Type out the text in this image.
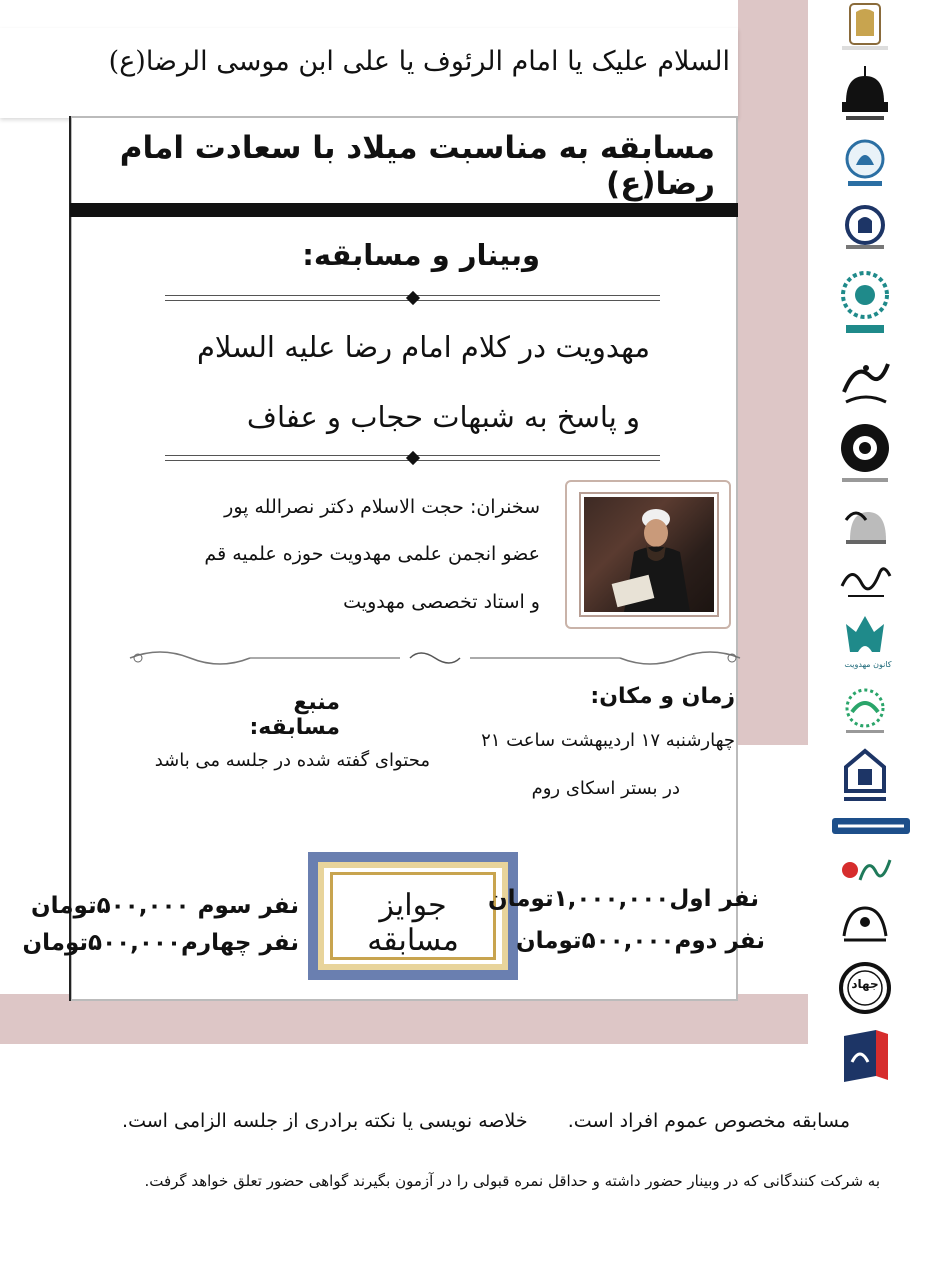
السلام علیک یا امام الرئوف یا علی ابن موسی الرضا(ع)
مسابقه به مناسبت میلاد با سعادت امام رضا(ع)
وبینار و مسابقه:
مهدویت در کلام امام رضا علیه السلام
و پاسخ به شبهات حجاب و عفاف
سخنران: حجت الاسلام دکتر نصرالله پور
عضو انجمن علمی مهدویت حوزه علمیه قم
و استاد تخصصی مهدویت
زمان و مکان:
منبع مسابقه:
چهارشنبه ۱۷ اردیبهشت ساعت ۲۱
محتوای گفته شده در جلسه می باشد
در بستر اسکای روم
جوایز مسابقه
نفر اول۱,۰۰۰,۰۰۰تومان
نفر دوم۵۰۰,۰۰۰تومان
نفر سوم ۵۰۰,۰۰۰تومان
نفر چهارم۵۰۰,۰۰۰تومان
مسابقه مخصوص عموم افراد است.  خلاصه نویسی یا نکته برادری از جلسه الزامی است.
به شرکت کنندگانی که در وبینار حضور داشته و حداقل نمره قبولی را در آزمون بگیرند گواهی حضور تعلق خواهد گرفت.
کانون مهدویت
جهاد
